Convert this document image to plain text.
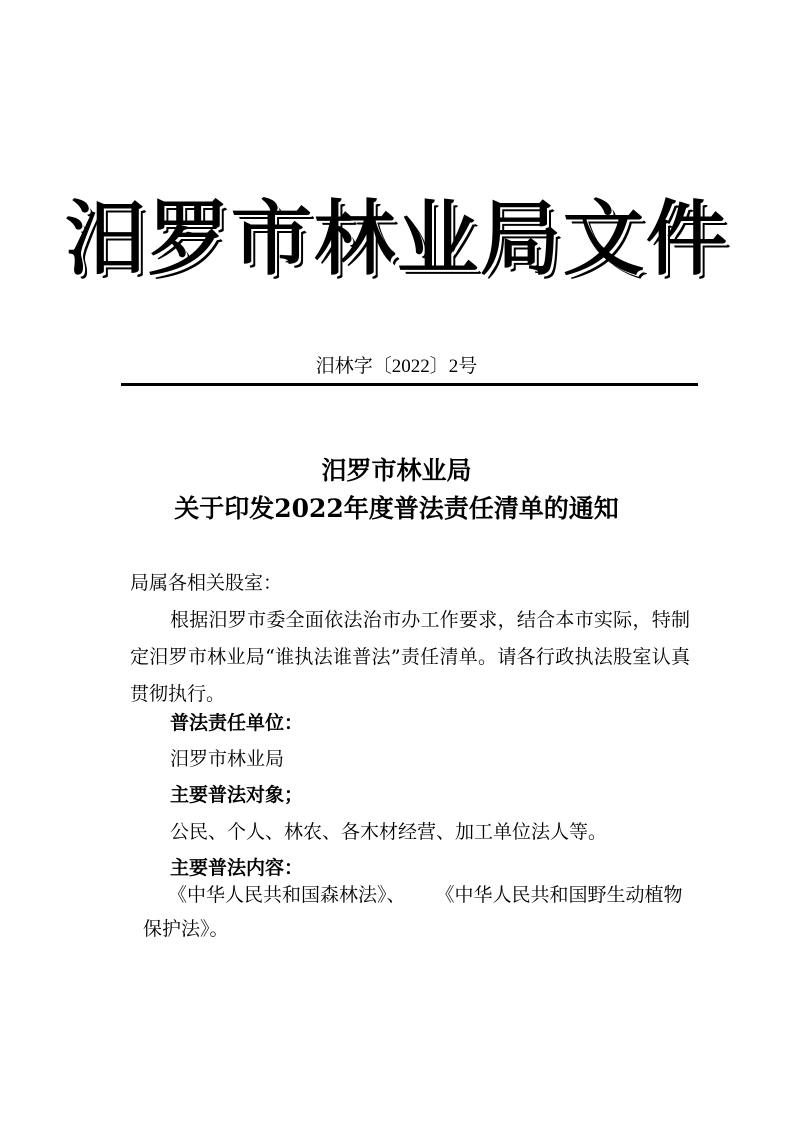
汨罗市林业局文件
汨林字〔2022〕2号
汨罗市林业局
关于印发2022年度普法责任清单的通知
局属各相关股室：
根据汨罗市委全面依法治市办工作要求，结合本市实际，特制定汨罗市林业局“谁执法谁普法”责任清单。请各行政执法股室认真贯彻执行。
普法责任单位：
汨罗市林业局
主要普法对象；
公民、个人、林农、各木材经营、加工单位法人等。
主要普法内容：
《中华人民共和国森林法》、 《中华人民共和国野生动植物
保护法》。
